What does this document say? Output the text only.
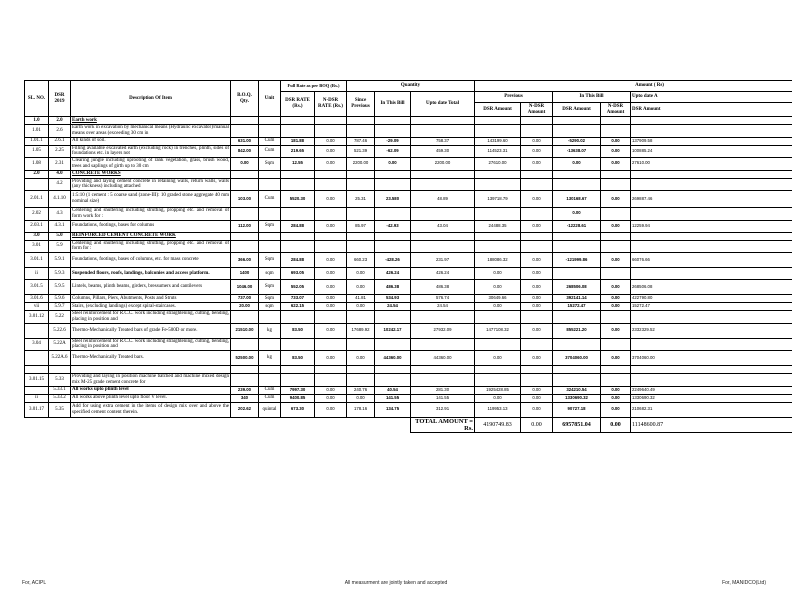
SL. NO.	DSR 2019	Description Of Item	B.O.Q. Qty.	Unit	Full Rate as per BOQ (Rs.)		Quantity			Amount ( Rs)				
					DSR RATE (Rs.)	N-DSR RATE (Rs.)	Since Previous	In This Bill	Upto date Total	Previous		In This Bill		Upto date A
										DSR Amount	N-DSR Amount	DSR Amount	N-DSR Amount	DSR Amount
1.0	2.0	Earth work												
1.01	2.6	Earth work in excavation by mechanical means (Hydraulic excavator)/manual means over areas (exceeding 30 cm in												
1.01.1	2.6.1	All kinds of soil.	631.00	Cum	181.88	0.00	787.46	-29.09	758.37	143199.60	0.00	-5290.02	0.00	137909.58
1.05	2.25	Filling available excavated earth (excluding rock) in trenches, plinth, sides of foundations etc. in layers not	842.00	Cum	219.65	0.00	521.39	-62.09	459.30	114523.31	0.00	-13638.07	0.00	100885.24
1.08	2.31	Clearing jungle including uprooting of rank vegetation, grass, brush wood, trees and saplings of girth up to 30 cm	0.00	Sqm	12.55	0.00	2200.00	0.00	2200.00	27610.00	0.00	0.00	0.00	27610.00
2.0	4.0	CONCRETE WORKS												
	4.2	Providing and laying cement concrete in retaining walls, return walls, walls (any thickness) including attached												
2.01.1	4.1.10	1:5:10 (1 cement : 5 coarse sand (zone-III): 10 graded stone aggregate 40 mm nominal size)	103.00	Cum	5520.30	0.00	25.31	23.580	48.89	139718.79	0.00	130168.67	0.00	269887.46
2.02	4.3	Centering and shuttering including strutting, propping etc. and removal of form work for :										0.00		
2.03.1	4.3.1	Foundations, footings, bases for columns	112.00	Sqm	284.88	0.00	85.97	-42.93	43.04	24488.35	0.00	-12228.61	0.00	12259.94
3.0	5.0	REINFORCED CEMENT CONCRETE WORK												
3.01	5.9	Centering and shuttering including strutting, propping etc. and removal of form for :												
3.01.1	5.9.1	Foundations, footings, bases of columns, etc. for mass concrete	366.00	Sqm	284.88	0.00	660.23	-428.26	231.97	188086.32	0.00	-121999.86	0.00	66076.66
ii	5.9.3	Suspended floors, roofs, landings, balconies and access platform.	1400	sqm	693.05	0.00	0.00	426.24	426.24	0.00	0.00			
3.01.5	5.9.5	Lintels, beams, plinth beams, girders, bressumers and cantilevers	1046.00	Sqm	552.05	0.00	0.00	486.38	486.38	0.00	0.00	268506.08	0.00	268506.08
3.01.6	5.9.6	Columns, Pillars, Piers, Abutments, Posts and Struts	737.00	Sqm	733.07	0.00	41.81	534.93	576.74	30649.66	0.00	392141.14	0.00	422790.80
vii	5.9.7	Stairs, (excluding landings) except spiral-staircases.	20.00	sqm	622.15	0.00	0.00	24.54	24.54	0.00	0.00	15272.47	0.00	15272.47
3.01.12	5.22	Steel reinforcement for R.C.C. work including straightening, cutting, bending, placing in position and												
	5.22.6	Thermo-Mechanically Treated bars of grade Fe-500D or more.	21510.00	kg	83.50	0.00	17689.92	10242.17	27932.09	1477108.32	0.00	855221.20	0.00	2332329.52
3.04	5.22A	Steel reinforcement for R.C.C. work including straightening, cutting, bending, placing in position and												
	5.22A.6	Thermo-Mechanically Treated bars.	52500.00	kg	83.50	0.00	0.00	44360.00	44360.00	0.00	0.00	3704060.00	0.00	3704060.00

3.01.15	5.33	Providing and laying in position machine batched and machine mixed design mix M-25 grade cement concrete for												
	5.33.1	All works upto plinth level	239.00	Cum	7997.30	0.00	240.76	40.54	281.30	1925428.85	0.00	324210.54	0.00	2249640.49
ii	5.33.2	All works above plinth level upto floor V level.	340	Cum	9400.85	0.00	0.00	141.55	141.55	0.00	0.00	1330690.32	0.00	1330690.32
3.01.17	5.35	Add for using extra cement in the items of design mix over and above the specified cement content therein.	202.62	quintal	673.30	0.00	178.16	134.75	312.91	119953.13	0.00	90727.18	0.00	210682.31
									TOTAL AMOUNT = Rs.	4190749.83	0.00	6957851.04	0.00	11148600.87
For, ACIPL	All measurment are jointly taken and accepted	For, MANIDCO(Ltd)
